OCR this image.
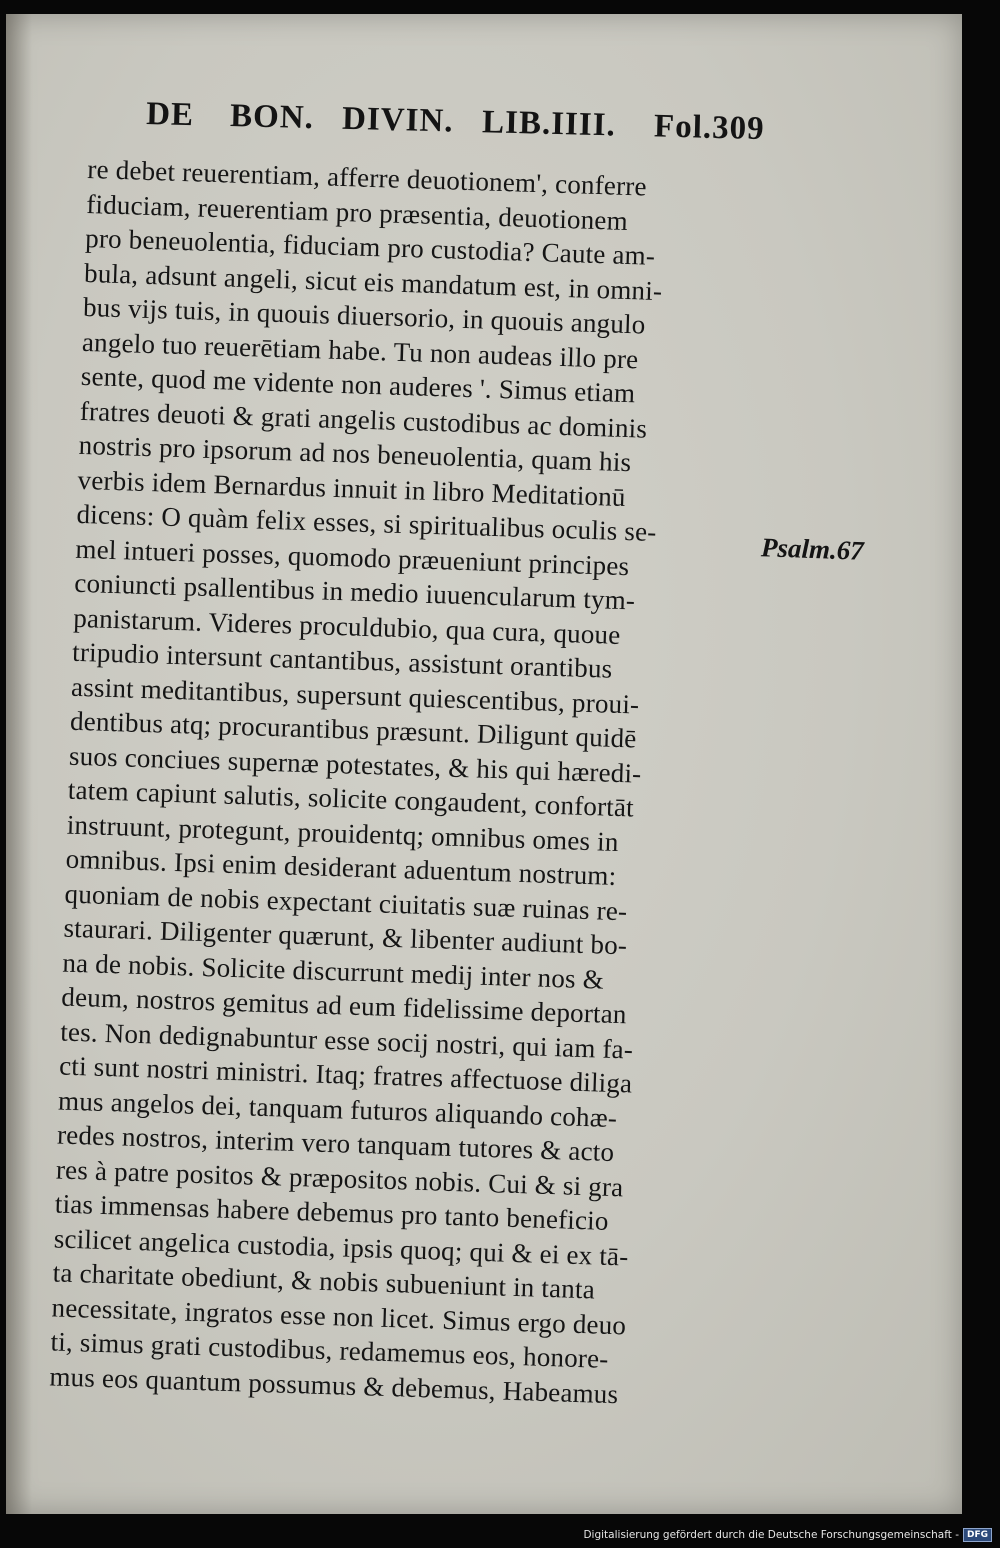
DE BON. DIVIN. LIB.IIII. Fol.309
re debet reuerentiam, afferre deuotionem', conferre
fiduciam, reuerentiam pro præsentia, deuotionem
pro beneuolentia, fiduciam pro custodia? Caute am-
bula, adsunt angeli, sicut eis mandatum est, in omni-
bus vijs tuis, in quouis diuersorio, in quouis angulo
angelo tuo reuerētiam habe. Tu non audeas illo pre
sente, quod me vidente non auderes '. Simus etiam
fratres deuoti & grati angelis custodibus ac dominis
nostris pro ipsorum ad nos beneuolentia, quam his
verbis idem Bernardus innuit in libro Meditationū
dicens: O quàm felix esses, si spiritualibus oculis se-
mel intueri posses, quomodo præueniunt principes
coniuncti psallentibus in medio iuuencularum tym-
panistarum. Videres proculdubio, qua cura, quoue
tripudio intersunt cantantibus, assistunt orantibus
assint meditantibus, supersunt quiescentibus, proui-
dentibus atq; procurantibus præsunt. Diligunt quidē
suos conciues supernæ potestates, & his qui hæredi-
tatem capiunt salutis, solicite congaudent, confortāt
instruunt, protegunt, prouidentq; omnibus omes in
omnibus. Ipsi enim desiderant aduentum nostrum:
quoniam de nobis expectant ciuitatis suæ ruinas re-
staurari. Diligenter quærunt, & libenter audiunt bo-
na de nobis. Solicite discurrunt medij inter nos &
deum, nostros gemitus ad eum fidelissime deportan
tes. Non dedignabuntur esse socij nostri, qui iam fa-
cti sunt nostri ministri. Itaq; fratres affectuose diliga
mus angelos dei, tanquam futuros aliquando cohæ-
redes nostros, interim vero tanquam tutores & acto
res à patre positos & præpositos nobis. Cui & si gra
tias immensas habere debemus pro tanto beneficio
scilicet angelica custodia, ipsis quoq; qui & ei ex tā-
ta charitate obediunt, & nobis subueniunt in tanta
necessitate, ingratos esse non licet. Simus ergo deuo
ti, simus grati custodibus, redamemus eos, honore-
mus eos quantum possumus & debemus, Habeamus
Psalm.67
Digitalisierung gefördert durch die Deutsche Forschungsgemeinschaft - DFG
